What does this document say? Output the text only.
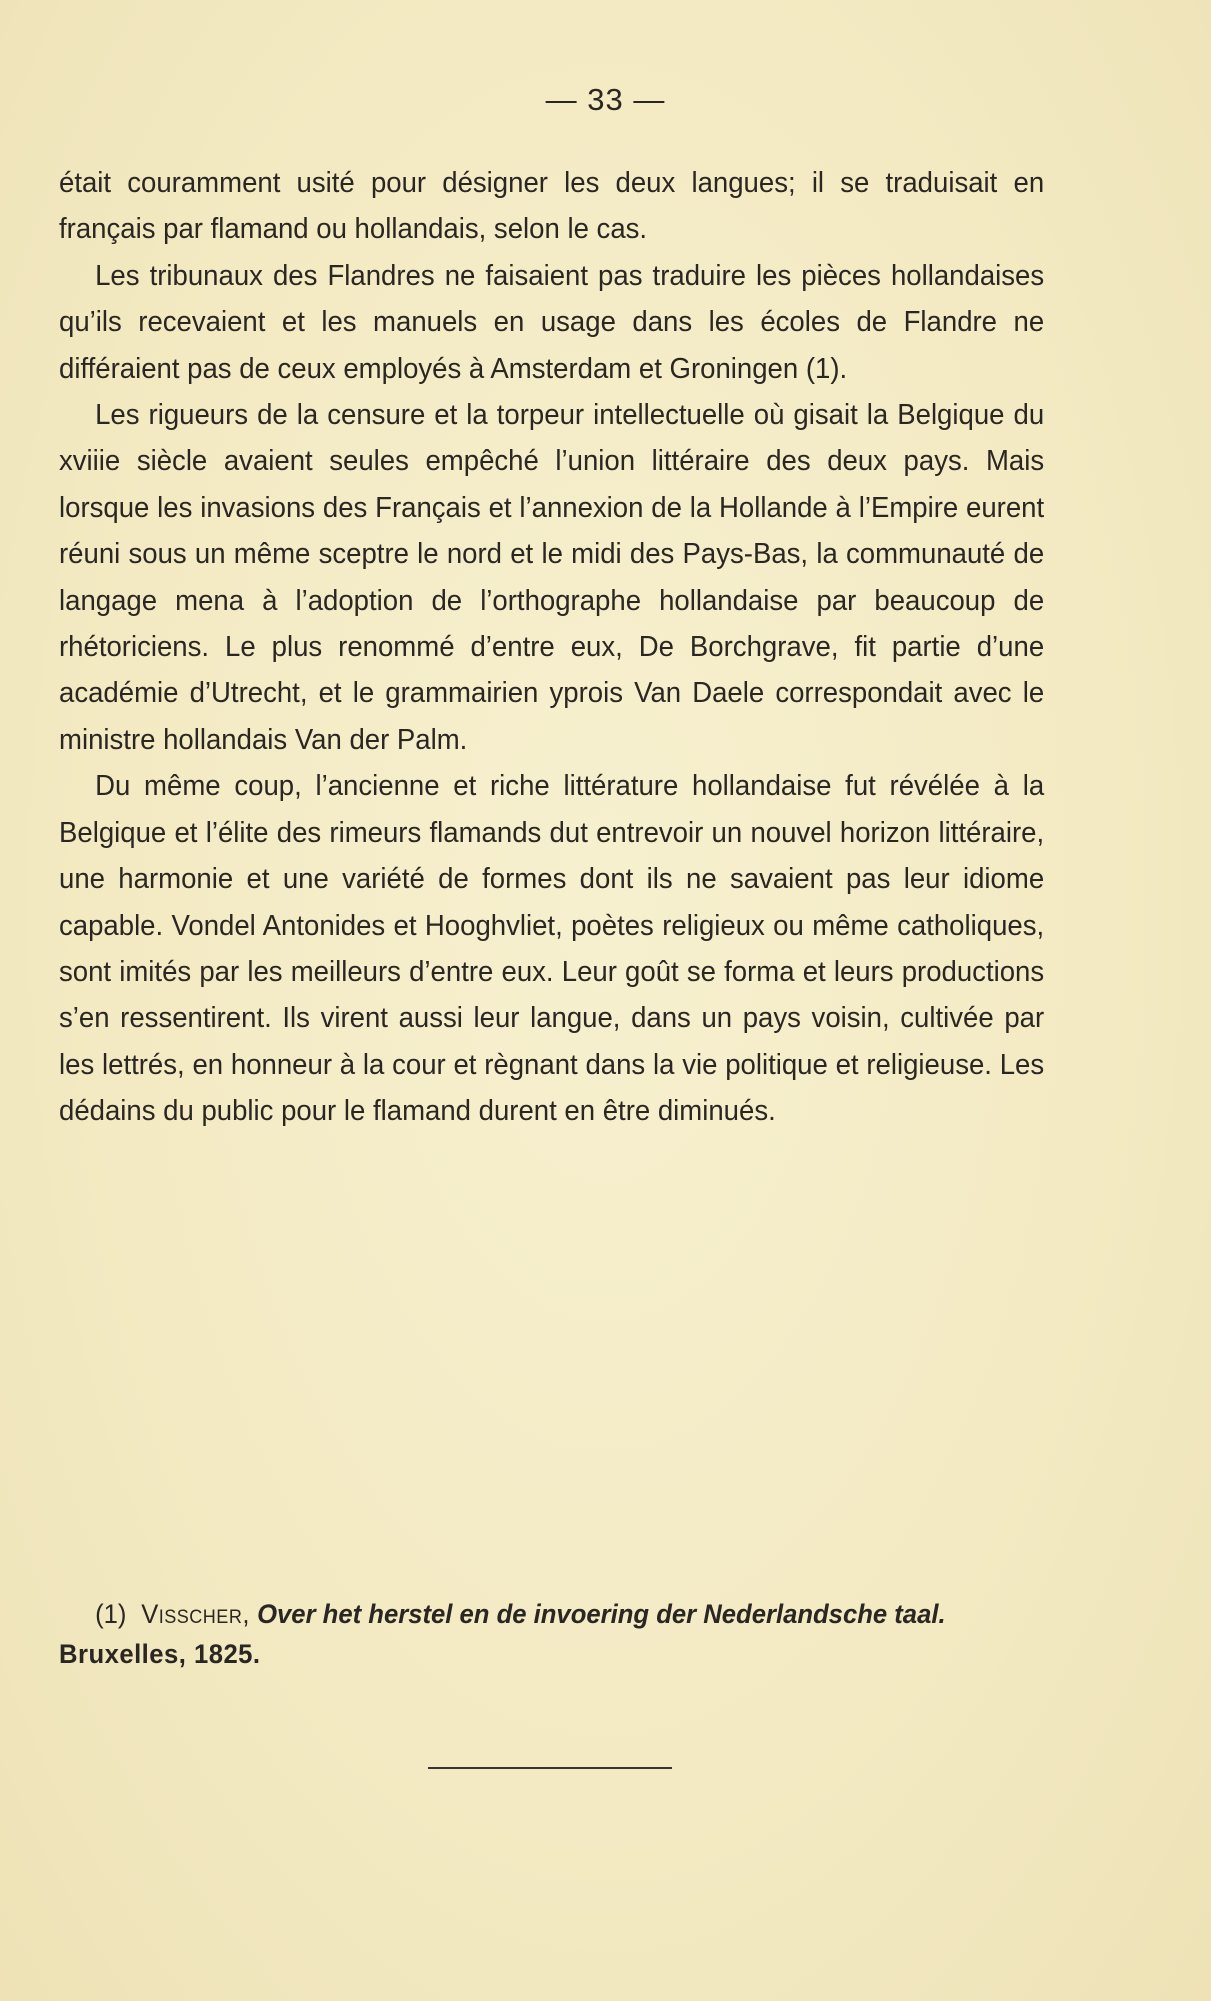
— 33 —

était couramment usité pour désigner les deux langues; il se traduisait en français par flamand ou hollandais, selon le cas.

Les tribunaux des Flandres ne faisaient pas traduire les pièces hollandaises qu’ils recevaient et les manuels en usage dans les écoles de Flandre ne différaient pas de ceux employés à Amsterdam et Groningen (1).

Les rigueurs de la censure et la torpeur intellectuelle où gisait la Belgique du xviiie siècle avaient seules empêché l’union littéraire des deux pays. Mais lorsque les invasions des Français et l’annexion de la Hollande à l’Empire eurent réuni sous un même sceptre le nord et le midi des Pays-Bas, la communauté de langage mena à l’adoption de l’orthographe hollandaise par beaucoup de rhétoriciens. Le plus renommé d’entre eux, De Borchgrave, fit partie d’une académie d’Utrecht, et le grammairien yprois Van Daele correspondait avec le ministre hollandais Van der Palm.

Du même coup, l’ancienne et riche littérature hollandaise fut révélée à la Belgique et l’élite des rimeurs flamands dut entrevoir un nouvel horizon littéraire, une harmonie et une variété de formes dont ils ne savaient pas leur idiome capable. Vondel Antonides et Hooghvliet, poètes religieux ou même catholiques, sont imités par les meilleurs d’entre eux. Leur goût se forma et leurs productions s’en ressentirent. Ils virent aussi leur langue, dans un pays voisin, cultivée par les lettrés, en honneur à la cour et règnant dans la vie politique et religieuse. Les dédains du public pour le flamand durent en être diminués.

(1) Visscher, Over het herstel en de invoering der Nederlandsche taal. Bruxelles, 1825.
